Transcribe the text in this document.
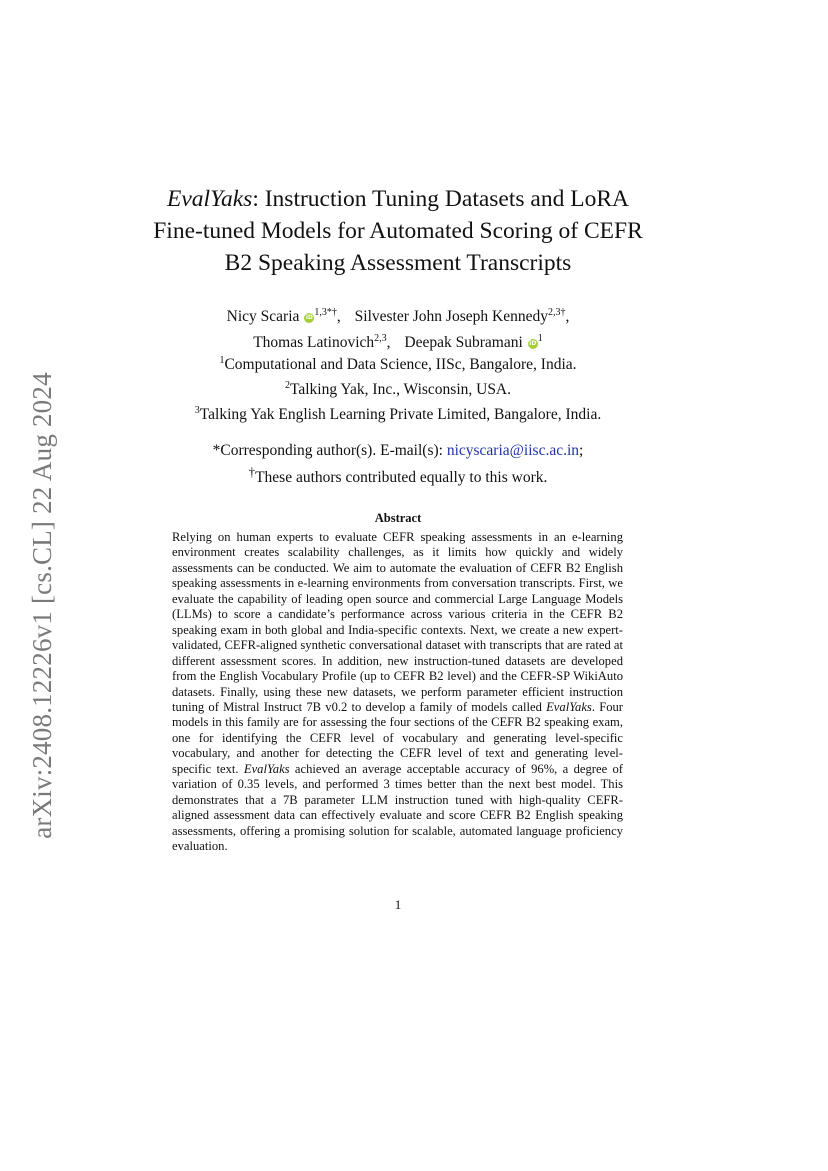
arXiv:2408.12226v1 [cs.CL] 22 Aug 2024
EvalYaks: Instruction Tuning Datasets and LoRA Fine-tuned Models for Automated Scoring of CEFR B2 Speaking Assessment Transcripts
Nicy Scaria $iD^{1,3*\dagger}$, Silvester John Joseph Kennedy$^{2,3\dagger}$,
Thomas Latinovich$^{2,3}$, Deepak Subramani $iD^1$
$^1$Computational and Data Science, IISc, Bangalore, India.
$^2$Talking Yak, Inc., Wisconsin, USA.
$^3$Talking Yak English Learning Private Limited, Bangalore, India.
*Corresponding author(s). E-mail(s): nicyscaria@iisc.ac.in;
†These authors contributed equally to this work.
Abstract
Relying on human experts to evaluate CEFR speaking assessments in an e-learning environment creates scalability challenges, as it limits how quickly and widely assessments can be conducted. We aim to automate the evaluation of CEFR B2 English speaking assessments in e-learning environments from conversation transcripts. First, we evaluate the capability of leading open source and commercial Large Language Models (LLMs) to score a candidate’s performance across various criteria in the CEFR B2 speaking exam in both global and India-specific contexts. Next, we create a new expert-validated, CEFR-aligned synthetic conversational dataset with transcripts that are rated at different assessment scores. In addition, new instruction-tuned datasets are developed from the English Vocabulary Profile (up to CEFR B2 level) and the CEFR-SP WikiAuto datasets. Finally, using these new datasets, we perform parameter efficient instruction tuning of Mistral Instruct 7B v0.2 to develop a family of models called EvalYaks. Four models in this family are for assessing the four sections of the CEFR B2 speaking exam, one for identifying the CEFR level of vocabulary and generating level-specific vocabulary, and another for detecting the CEFR level of text and generating level-specific text. EvalYaks achieved an average acceptable accuracy of 96%, a degree of variation of 0.35 levels, and performed 3 times better than the next best model. This demonstrates that a 7B parameter LLM instruction tuned with high-quality CEFR-aligned assessment data can effectively evaluate and score CEFR B2 English speaking assessments, offering a promising solution for scalable, automated language proficiency evaluation.
1
